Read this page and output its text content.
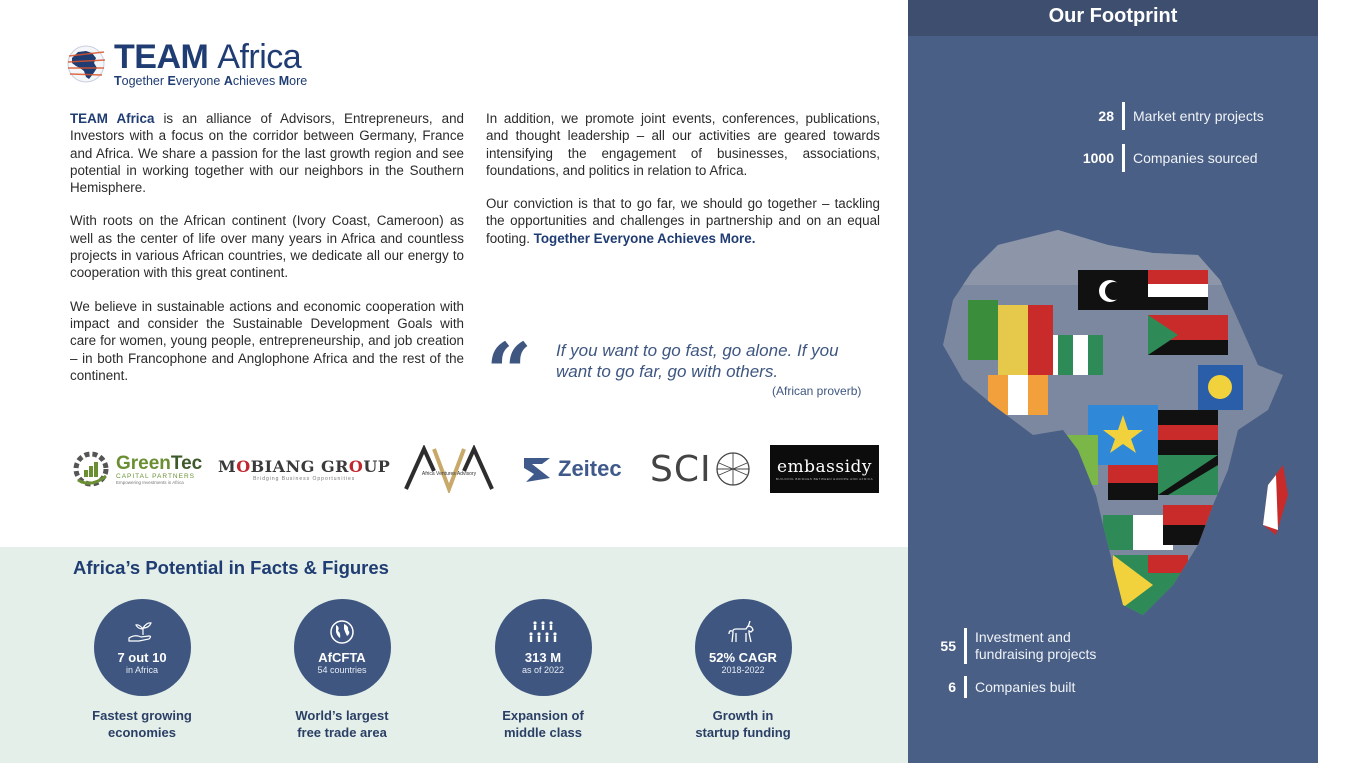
TEAM Africa
Together Everyone Achieves More

TEAM Africa is an alliance of Advisors, Entrepreneurs, and Investors with a focus on the corridor between Germany, France and Africa. We share a passion for the last growth region and see potential in working together with our neighbors in the Southern Hemisphere.

With roots on the African continent (Ivory Coast, Cameroon) as well as the center of life over many years in Africa and countless projects in various African countries, we dedicate all our energy to cooperation with this great continent.

We believe in sustainable actions and economic cooperation with impact and consider the Sustainable Development Goals with care for women, young people, entrepreneurship, and job creation – in both Francophone and Anglophone Africa and the rest of the continent.

In addition, we promote joint events, conferences, publications, and thought leadership – all our activities are geared towards intensifying the engagement of businesses, associations, foundations, and politics in relation to Africa.

Our conviction is that to go far, we should go together – tackling the opportunities and challenges in partnership and on an equal footing. Together Everyone Achieves More.

“ If you want to go fast, go alone. If you want to go far, go with others.
(African proverb)
GreenTec
CAPITAL PARTNERS
Empowering Investments in Africa
MOBIANG GROUP
Bridging Business Opportunities
Africa Ventures Advisory	Zeitec SCI	embassidy
BUILDING BRIDGES BETWEEN EUROPE AND AFRICA
Africa’s Potential in Facts & Figures
7 out 10
in Africa
Fastest growing
economies
AfCFTA
54 countries
World’s largest
free trade area
313 M
as of 2022
Expansion of
middle class
52% CAGR
2018-2022
Growth in
startup funding
Our Footprint
28 Market entry projects
1000 Companies sourced
55
Investment and
fundraising projects
6 Companies built
